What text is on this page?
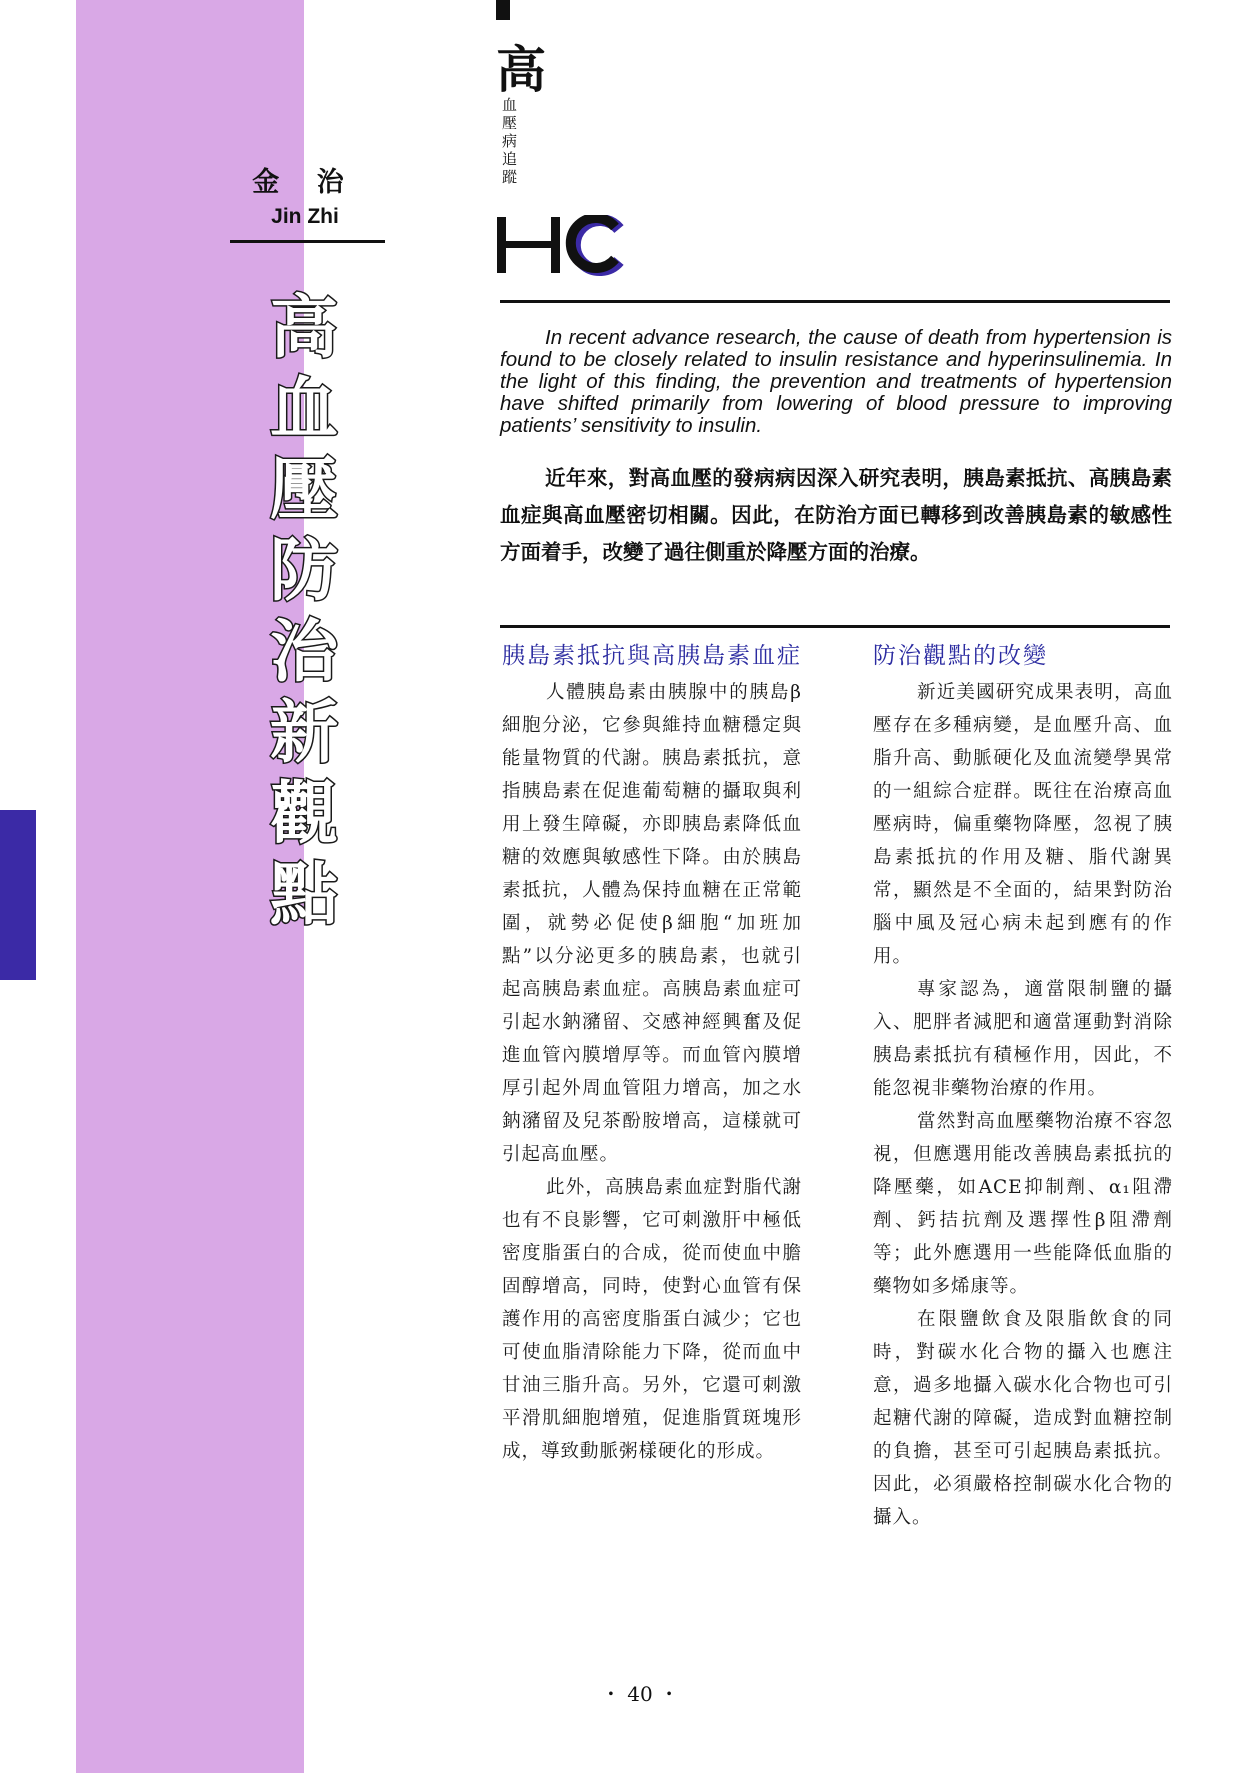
金 治
Jin Zhi
高血壓防治新觀點
高
血壓病追蹤
In recent advance research, the cause of death from hypertension is found to be closely related to insulin resistance and hyperinsulinemia. In the light of this finding, the prevention and treatments of hypertension have shifted primarily from lowering of blood pressure to improving patients’ sensitivity to insulin.
近年來，對高血壓的發病病因深入研究表明，胰島素抵抗、高胰島素血症與高血壓密切相關。因此，在防治方面已轉移到改善胰島素的敏感性方面着手，改變了過往側重於降壓方面的治療。
胰島素抵抗與高胰島素血症

人體胰島素由胰腺中的胰島β細胞分泌，它參與維持血糖穩定與能量物質的代謝。胰島素抵抗，意指胰島素在促進葡萄糖的攝取與利用上發生障礙，亦即胰島素降低血糖的效應與敏感性下降。由於胰島素抵抗，人體為保持血糖在正常範圍，就勢必促使β細胞“加班加點”以分泌更多的胰島素，也就引起高胰島素血症。高胰島素血症可引起水鈉瀦留、交感神經興奮及促進血管內膜增厚等。而血管內膜增厚引起外周血管阻力增高，加之水鈉瀦留及兒茶酚胺增高，這樣就可引起高血壓。

此外，高胰島素血症對脂代謝也有不良影響，它可刺激肝中極低密度脂蛋白的合成，從而使血中膽固醇增高，同時，使對心血管有保護作用的高密度脂蛋白減少；它也可使血脂清除能力下降，從而血中甘油三脂升高。另外，它還可刺激平滑肌細胞增殖，促進脂質斑塊形成，導致動脈粥樣硬化的形成。

防治觀點的改變

新近美國研究成果表明，高血壓存在多種病變，是血壓升高、血脂升高、動脈硬化及血流變學異常的一組綜合症群。既往在治療高血壓病時，偏重藥物降壓，忽視了胰島素抵抗的作用及糖、脂代謝異常，顯然是不全面的，結果對防治腦中風及冠心病未起到應有的作用。

專家認為，適當限制鹽的攝入、肥胖者減肥和適當運動對消除胰島素抵抗有積極作用，因此，不能忽視非藥物治療的作用。

當然對高血壓藥物治療不容忽視，但應選用能改善胰島素抵抗的降壓藥，如ACE抑制劑、α₁阻滯劑、鈣拮抗劑及選擇性β阻滯劑等；此外應選用一些能降低血脂的藥物如多烯康等。

在限鹽飲食及限脂飲食的同時，對碳水化合物的攝入也應注意，過多地攝入碳水化合物也可引起糖代謝的障礙，造成對血糖控制的負擔，甚至可引起胰島素抵抗。因此，必須嚴格控制碳水化合物的攝入。

・ 40 ・
